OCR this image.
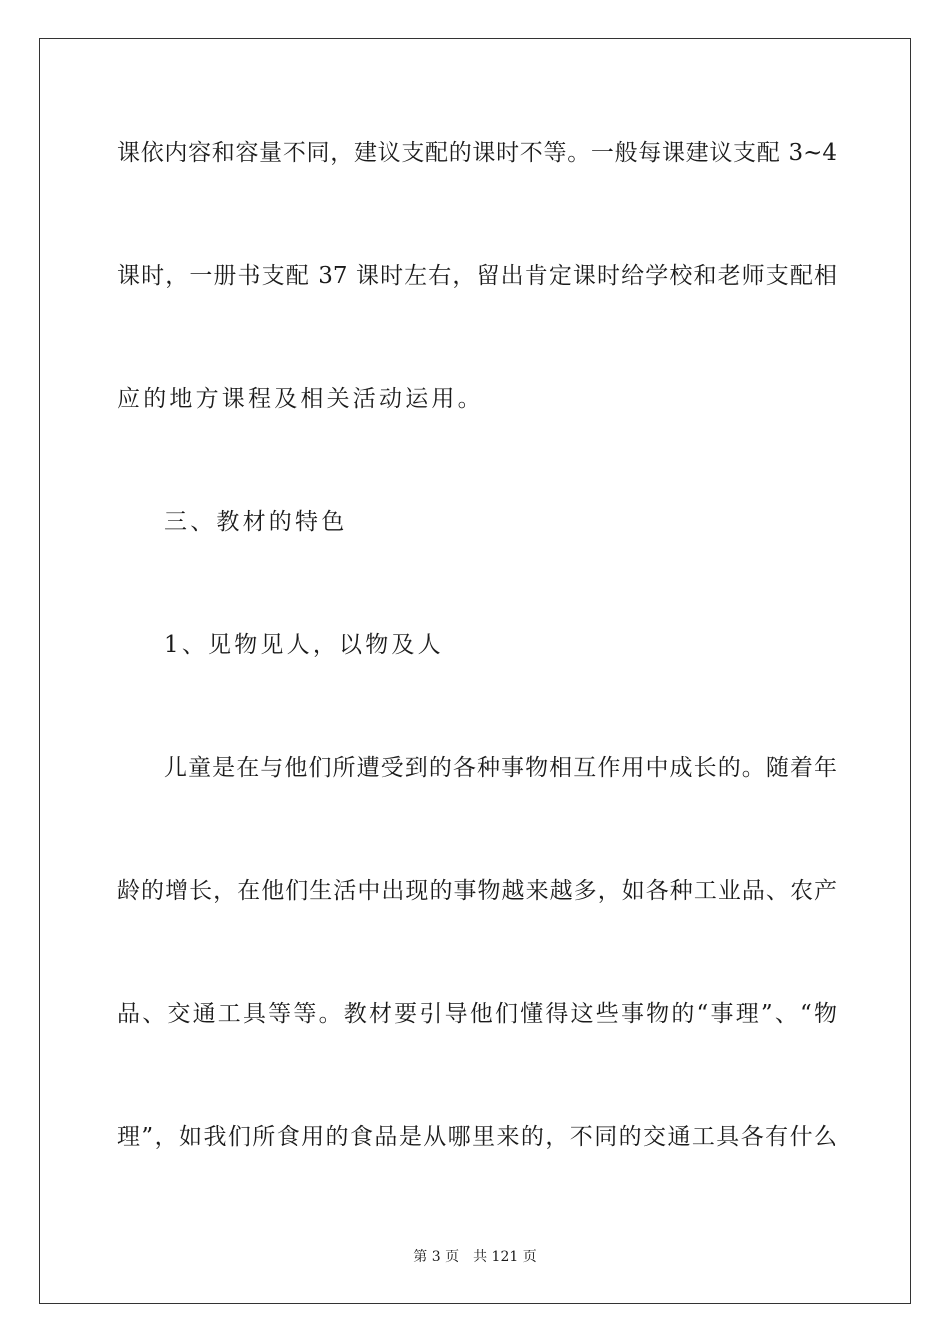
课依内容和容量不同，建议支配的课时不等。一般每课建议支配 3~4
课时，一册书支配 37 课时左右，留出肯定课时给学校和老师支配相
应的地方课程及相关活动运用。
三、教材的特色
1、见物见人，以物及人
儿童是在与他们所遭受到的各种事物相互作用中成长的。随着年
龄的增长，在他们生活中出现的事物越来越多，如各种工业品、农产
品、交通工具等等。教材要引导他们懂得这些事物的“事理”、“物
理”，如我们所食用的食品是从哪里来的，不同的交通工具各有什么
第 3 页　共 121 页
